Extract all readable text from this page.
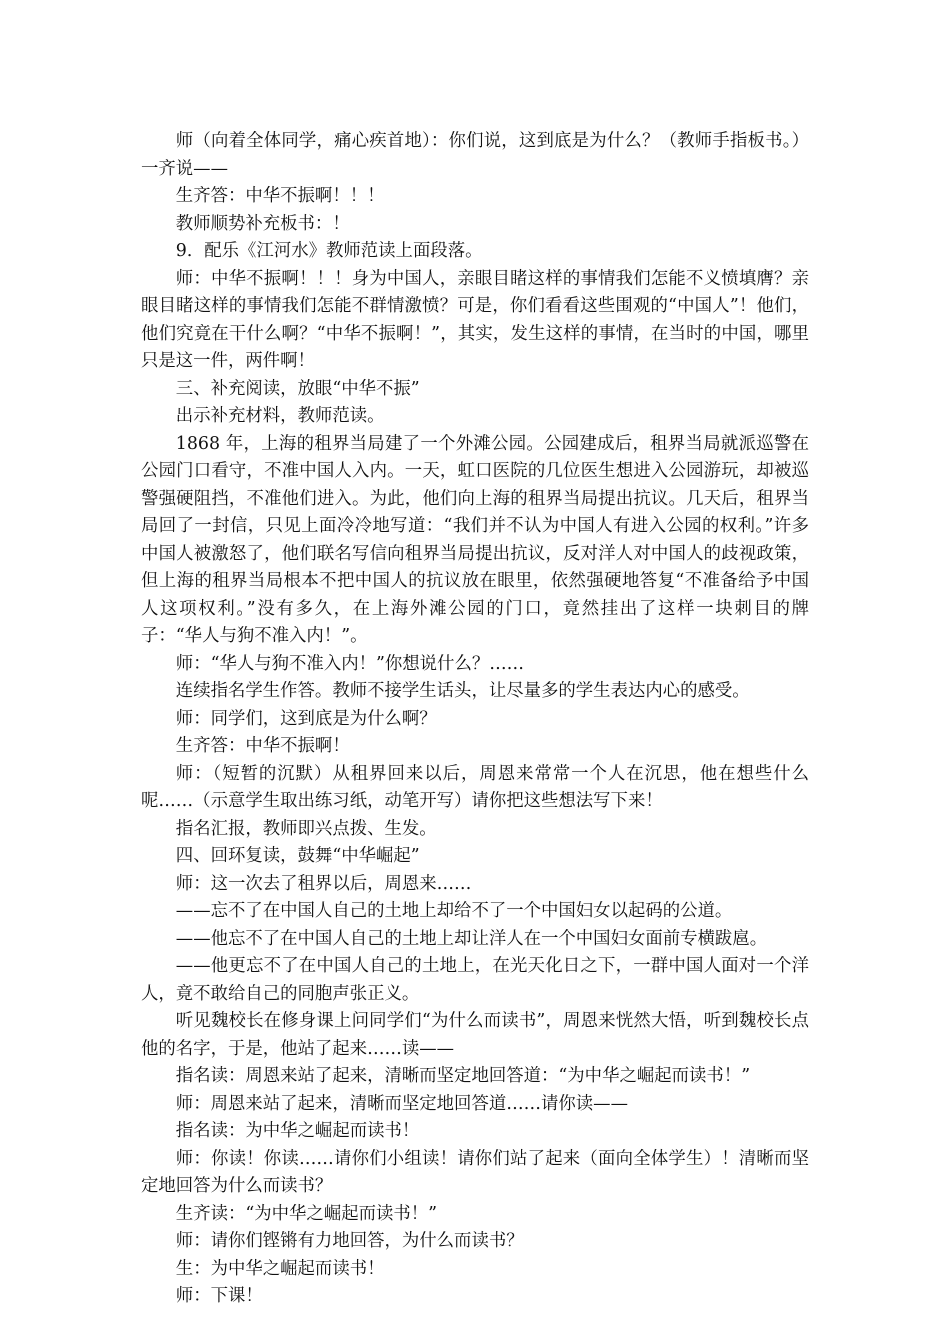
师（向着全体同学，痛心疾首地）：你们说，这到底是为什么？（教师手指板书。）一齐说——

生齐答：中华不振啊！！！

教师顺势补充板书：！

9．配乐《江河水》教师范读上面段落。

师：中华不振啊！！！身为中国人，亲眼目睹这样的事情我们怎能不义愤填膺？亲眼目睹这样的事情我们怎能不群情激愤？可是，你们看看这些围观的“中国人”！他们，他们究竟在干什么啊？“中华不振啊！”，其实，发生这样的事情，在当时的中国，哪里只是这一件，两件啊！

三、补充阅读，放眼“中华不振”

出示补充材料，教师范读。

1868 年，上海的租界当局建了一个外滩公园。公园建成后，租界当局就派巡警在公园门口看守，不准中国人入内。一天，虹口医院的几位医生想进入公园游玩，却被巡警强硬阻挡，不准他们进入。为此，他们向上海的租界当局提出抗议。几天后，租界当局回了一封信，只见上面冷冷地写道：“我们并不认为中国人有进入公园的权利。”许多中国人被激怒了，他们联名写信向租界当局提出抗议，反对洋人对中国人的歧视政策，但上海的租界当局根本不把中国人的抗议放在眼里，依然强硬地答复“不准备给予中国人这项权利。”没有多久，在上海外滩公园的门口，竟然挂出了这样一块刺目的牌子：“华人与狗不准入内！”。

师：“华人与狗不准入内！”你想说什么？……

连续指名学生作答。教师不接学生话头，让尽量多的学生表达内心的感受。

师：同学们，这到底是为什么啊？

生齐答：中华不振啊！

师：（短暂的沉默）从租界回来以后，周恩来常常一个人在沉思，他在想些什么呢……（示意学生取出练习纸，动笔开写）请你把这些想法写下来！

指名汇报，教师即兴点拨、生发。

四、回环复读，鼓舞“中华崛起”

师：这一次去了租界以后，周恩来……

——忘不了在中国人自己的土地上却给不了一个中国妇女以起码的公道。

——他忘不了在中国人自己的土地上却让洋人在一个中国妇女面前专横跋扈。

——他更忘不了在中国人自己的土地上，在光天化日之下，一群中国人面对一个洋人，竟不敢给自己的同胞声张正义。

听见魏校长在修身课上问同学们“为什么而读书”，周恩来恍然大悟，听到魏校长点他的名字，于是，他站了起来……读——

指名读：周恩来站了起来，清晰而坚定地回答道：“为中华之崛起而读书！”

师：周恩来站了起来，清晰而坚定地回答道……请你读——

指名读：为中华之崛起而读书！

师：你读！你读……请你们小组读！请你们站了起来（面向全体学生）！清晰而坚定地回答为什么而读书？

生齐读：“为中华之崛起而读书！”

师：请你们铿锵有力地回答，为什么而读书？

生：为中华之崛起而读书！

师：下课！
